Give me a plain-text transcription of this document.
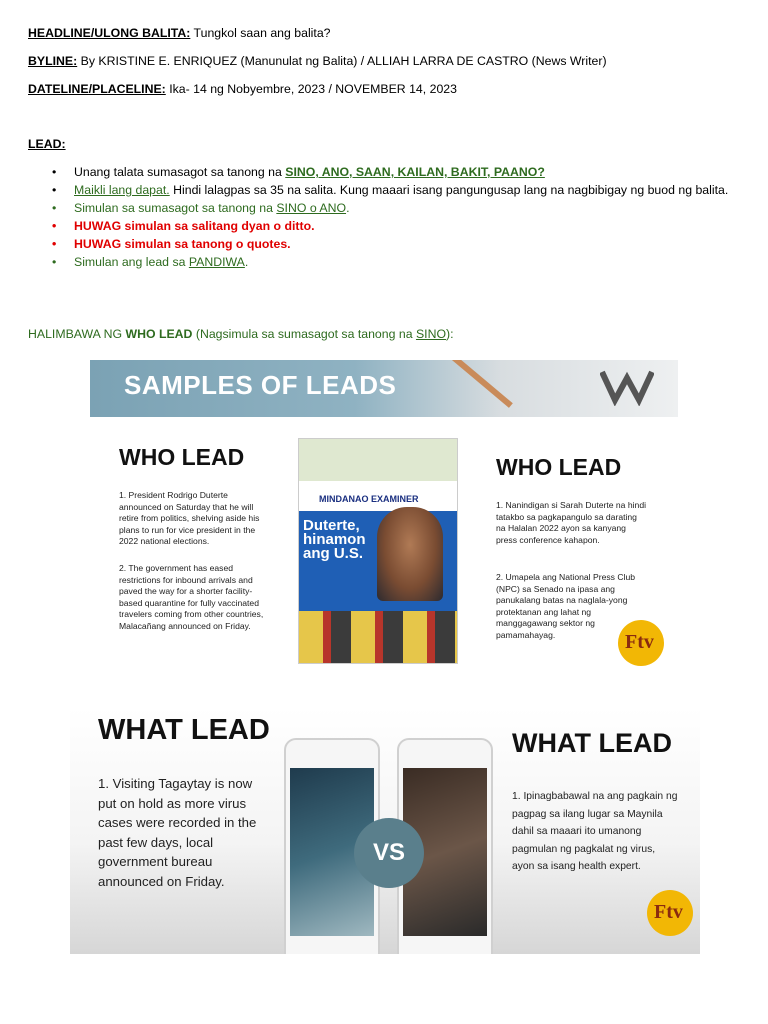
HEADLINE/ULONG BALITA: Tungkol saan ang balita?
BYLINE: By KRISTINE E. ENRIQUEZ (Manunulat ng Balita) / ALLIAH LARRA DE CASTRO (News Writer)
DATELINE/PLACELINE: Ika- 14 ng Nobyembre, 2023 / NOVEMBER 14, 2023
LEAD:
• Unang talata sumasagot sa tanong na SINO, ANO, SAAN, KAILAN, BAKIT, PAANO?
• Maikli lang dapat. Hindi lalagpas sa 35 na salita. Kung maaari isang pangungusap lang na nagbibigay ng buod ng balita.
• Simulan sa sumasagot sa tanong na SINO o ANO.
• HUWAG simulan sa salitang dyan o ditto.
• HUWAG simulan sa tanong o quotes.
• Simulan ang lead sa PANDIWA.
HALIMBAWA NG WHO LEAD (Nagsimula sa sumasagot sa tanong na SINO):
SAMPLES OF LEADS
WHO LEAD
1. President Rodrigo Duterte announced on Saturday that he will retire from politics, shelving aside his plans to run for vice president in the 2022 national elections.
2. The government has eased restrictions for inbound arrivals and paved the way for a shorter facility-based quarantine for fully vaccinated travelers coming from other countries, Malacañang announced on Friday.
MINDANAO EXAMINER
Duterte, hinamon ang U.S.
WHO LEAD
1. Nanindigan si Sarah Duterte na hindi tatakbo sa pagkapangulo sa darating na Halalan 2022 ayon sa kanyang press conference kahapon.
2. Umapela ang National Press Club (NPC) sa Senado na ipasa ang panukalang batas na naglala-yong protektanan ang lahat ng manggagawang sektor ng pamamahayag.	Ftv
WHAT LEAD
1. Visiting Tagaytay is now put on hold as more virus cases were recorded in the past few days, local government bureau announced on Friday.
VS
WHAT LEAD
1. Ipinagbabawal na ang pagkain ng pagpag sa ilang lugar sa Maynila dahil sa maaari ito umanong pagmulan ng pagkalat ng virus, ayon sa isang health expert.
Ftv
